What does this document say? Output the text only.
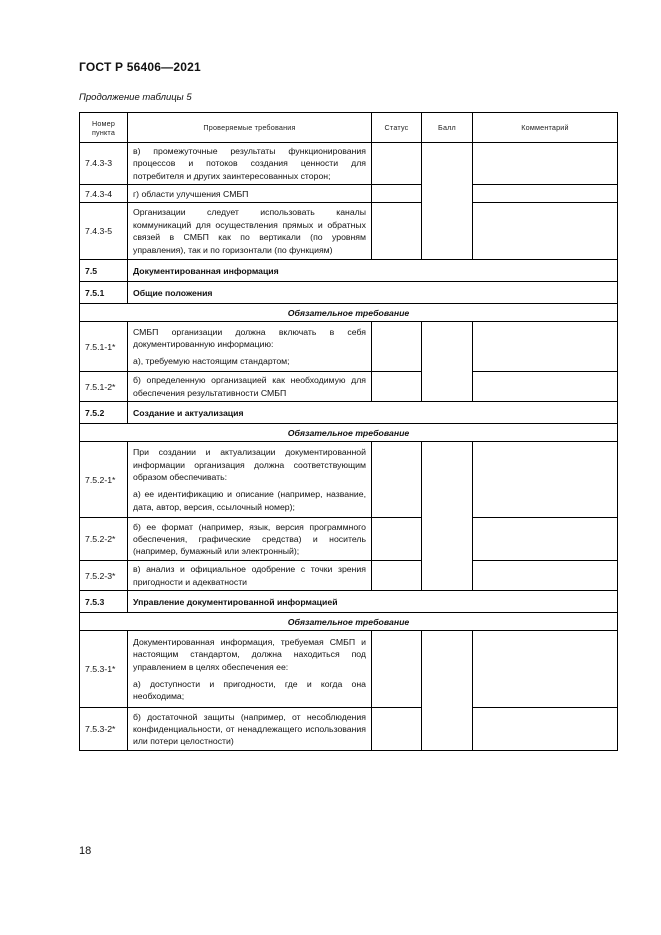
ГОСТ Р 56406—2021
Продолжение таблицы 5
Номер пункта	Проверяемые требования	Статус	Балл	Комментарий
7.4.3-3	в) промежуточные результаты функционирования процессов и потоков создания ценности для потребителя и других заинтересованных сторон;			
7.4.3-4	г) области улучшения СМБП			
7.4.3-5	Организации следует использовать каналы коммуникаций для осуществления прямых и обратных связей в СМБП как по вертикали (по уровням управления), так и по горизонтали (по функциям)			
7.5	Документированная информация			
7.5.1	Общие положения			
Обязательное требование				
7.5.1-1*	СМБП организации должна включать в себя документированную информацию:

а), требуемую настоящим стандартом;			

7.5.1-2*	б) определенную организацией как необходимую для обеспечения результативности СМБП			
7.5.2	Создание и актуализация			
Обязательное требование				
7.5.2-1*	При создании и актуализации документированной информации организация должна соответствующим образом обеспечивать:

а) ее идентификацию и описание (например, название, дата, автор, версия, ссылочный номер);			

7.5.2-2*	б) ее формат (например, язык, версия программного обеспечения, графические средства) и носитель (например, бумажный или электронный);			
7.5.2-3*	в) анализ и официальное одобрение с точки зрения пригодности и адекватности			
7.5.3	Управление документированной информацией			
Обязательное требование				
7.5.3-1*	Документированная информация, требуемая СМБП и настоящим стандартом, должна находиться под управлением в целях обеспечения ее:

а) доступности и пригодности, где и когда она необходима;			

7.5.3-2*	б) достаточной защиты (например, от несоблюдения конфиденциальности, от ненадлежащего использования или потери целостности)			
18
